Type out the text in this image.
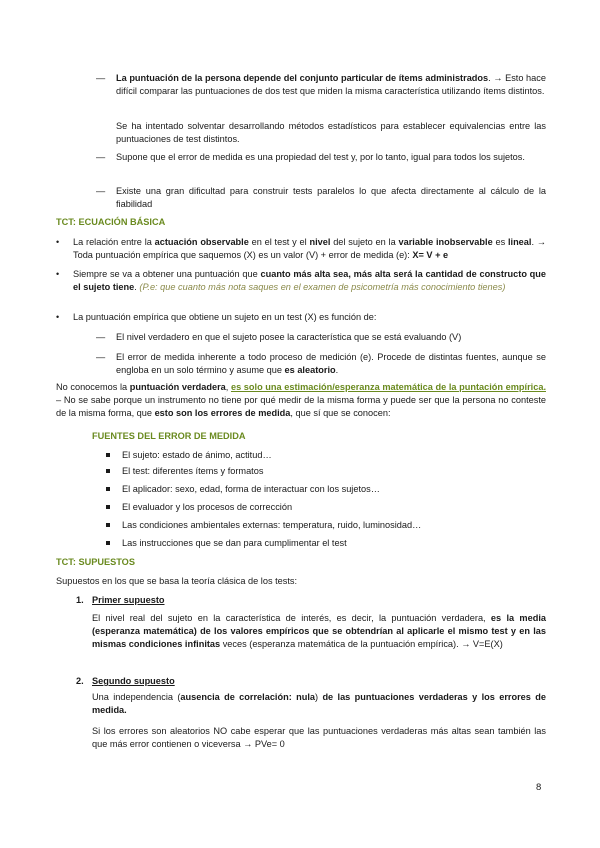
— La puntuación de la persona depende del conjunto particular de ítems administrados. → Esto hace difícil comparar las puntuaciones de dos test que miden la misma característica utilizando ítems distintos.
Se ha intentado solventar desarrollando métodos estadísticos para establecer equivalencias entre las puntuaciones de test distintos.
— Supone que el error de medida es una propiedad del test y, por lo tanto, igual para todos los sujetos.
— Existe una gran dificultad para construir tests paralelos lo que afecta directamente al cálculo de la fiabilidad
TCT: ECUACIÓN BÁSICA
• La relación entre la actuación observable en el test y el nivel del sujeto en la variable inobservable es lineal. → Toda puntuación empírica que saquemos (X) es un valor (V) + error de medida (e): X= V + e
• Siempre se va a obtener una puntuación que cuanto más alta sea, más alta será la cantidad de constructo que el sujeto tiene. (P.e: que cuanto más nota saques en el examen de psicometría más conocimiento tienes)
• La puntuación empírica que obtiene un sujeto en un test (X) es función de:
— El nivel verdadero en que el sujeto posee la característica que se está evaluando (V)
— El error de medida inherente a todo proceso de medición (e). Procede de distintas fuentes, aunque se engloba en un solo término y asume que es aleatorio.
No conocemos la puntuación verdadera, es solo una estimación/esperanza matemática de la puntación empírica. – No se sabe porque un instrumento no tiene por qué medir de la misma forma y puede ser que la persona no conteste de la misma forma, que esto son los errores de medida, que sí que se conocen:
FUENTES DEL ERROR DE MEDIDA
El sujeto: estado de ánimo, actitud…
El test: diferentes ítems y formatos
El aplicador: sexo, edad, forma de interactuar con los sujetos…
El evaluador y los procesos de corrección
Las condiciones ambientales externas: temperatura, ruido, luminosidad…
Las instrucciones que se dan para cumplimentar el test
TCT: SUPUESTOS
Supuestos en los que se basa la teoría clásica de los tests:
1. Primer supuesto
El nivel real del sujeto en la característica de interés, es decir, la puntuación verdadera, es la media (esperanza matemática) de los valores empíricos que se obtendrían al aplicarle el mismo test y en las mismas condiciones infinitas veces (esperanza matemática de la puntuación empírica). → V=E(X)
2. Segundo supuesto
Una independencia (ausencia de correlación: nula) de las puntuaciones verdaderas y los errores de medida.
Si los errores son aleatorios NO cabe esperar que las puntuaciones verdaderas más altas sean también las que más error contienen o viceversa → PVe= 0
8
